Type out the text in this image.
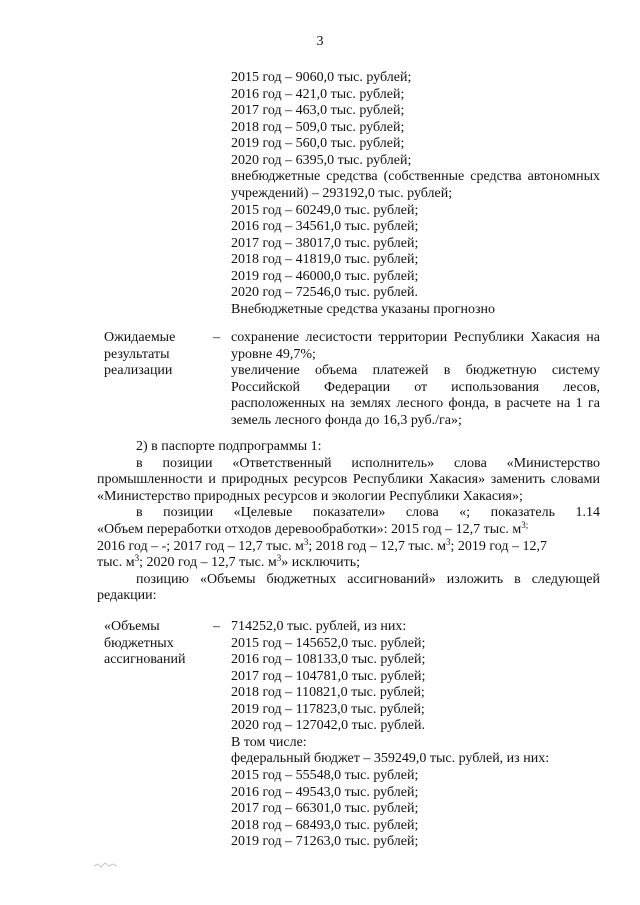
3
2015 год – 9060,0 тыс. рублей;
2016 год – 421,0 тыс. рублей;
2017 год – 463,0 тыс. рублей;
2018 год – 509,0 тыс. рублей;
2019 год – 560,0 тыс. рублей;
2020 год – 6395,0 тыс. рублей;
внебюджетные средства (собственные средства автономных
учреждений) – 293192,0 тыс. рублей;
2015 год – 60249,0 тыс. рублей;
2016 год – 34561,0 тыс. рублей;
2017 год – 38017,0 тыс. рублей;
2018 год – 41819,0 тыс. рублей;
2019 год – 46000,0 тыс. рублей;
2020 год – 72546,0 тыс. рублей.
Внебюджетные средства указаны прогнозно
Ожидаемые
результаты
реализации
– сохранение лесистости территории Республики Хакасия на
уровне 49,7%;
увеличение объема платежей в бюджетную систему
Российской Федерации от использования лесов,
расположенных на землях лесного фонда, в расчете на 1 га
земель лесного фонда до 16,3 руб./га»;
2) в паспорте подпрограммы 1:
в позиции «Ответственный исполнитель» слова «Министерство
промышленности и природных ресурсов Республики Хакасия» заменить словами
«Министерство природных ресурсов и экологии Республики Хакасия»;
в позиции «Целевые показатели» слова «; показатель 1.14
«Объем переработки отходов деревообработки»: 2015 год – 12,7 тыс. $м^{3;}$
2016 год – -; 2017 год – 12,7 тыс. $м^3$; 2018 год – 12,7 тыс. $м^3$; 2019 год – 12,7
тыс. $м^3$; 2020 год – 12,7 тыс. $м^3$» исключить;
позицию «Объемы бюджетных ассигнований» изложить в следующей
редакции:
«Объемы
бюджетных
ассигнований
– 714252,0 тыс. рублей, из них:
2015 год – 145652,0 тыс. рублей;
2016 год – 108133,0 тыс. рублей;
2017 год – 104781,0 тыс. рублей;
2018 год – 110821,0 тыс. рублей;
2019 год – 117823,0 тыс. рублей;
2020 год – 127042,0 тыс. рублей.
В том числе:
федеральный бюджет – 359249,0 тыс. рублей, из них:
2015 год – 55548,0 тыс. рублей;
2016 год – 49543,0 тыс. рублей;
2017 год – 66301,0 тыс. рублей;
2018 год – 68493,0 тыс. рублей;
2019 год – 71263,0 тыс. рублей;
